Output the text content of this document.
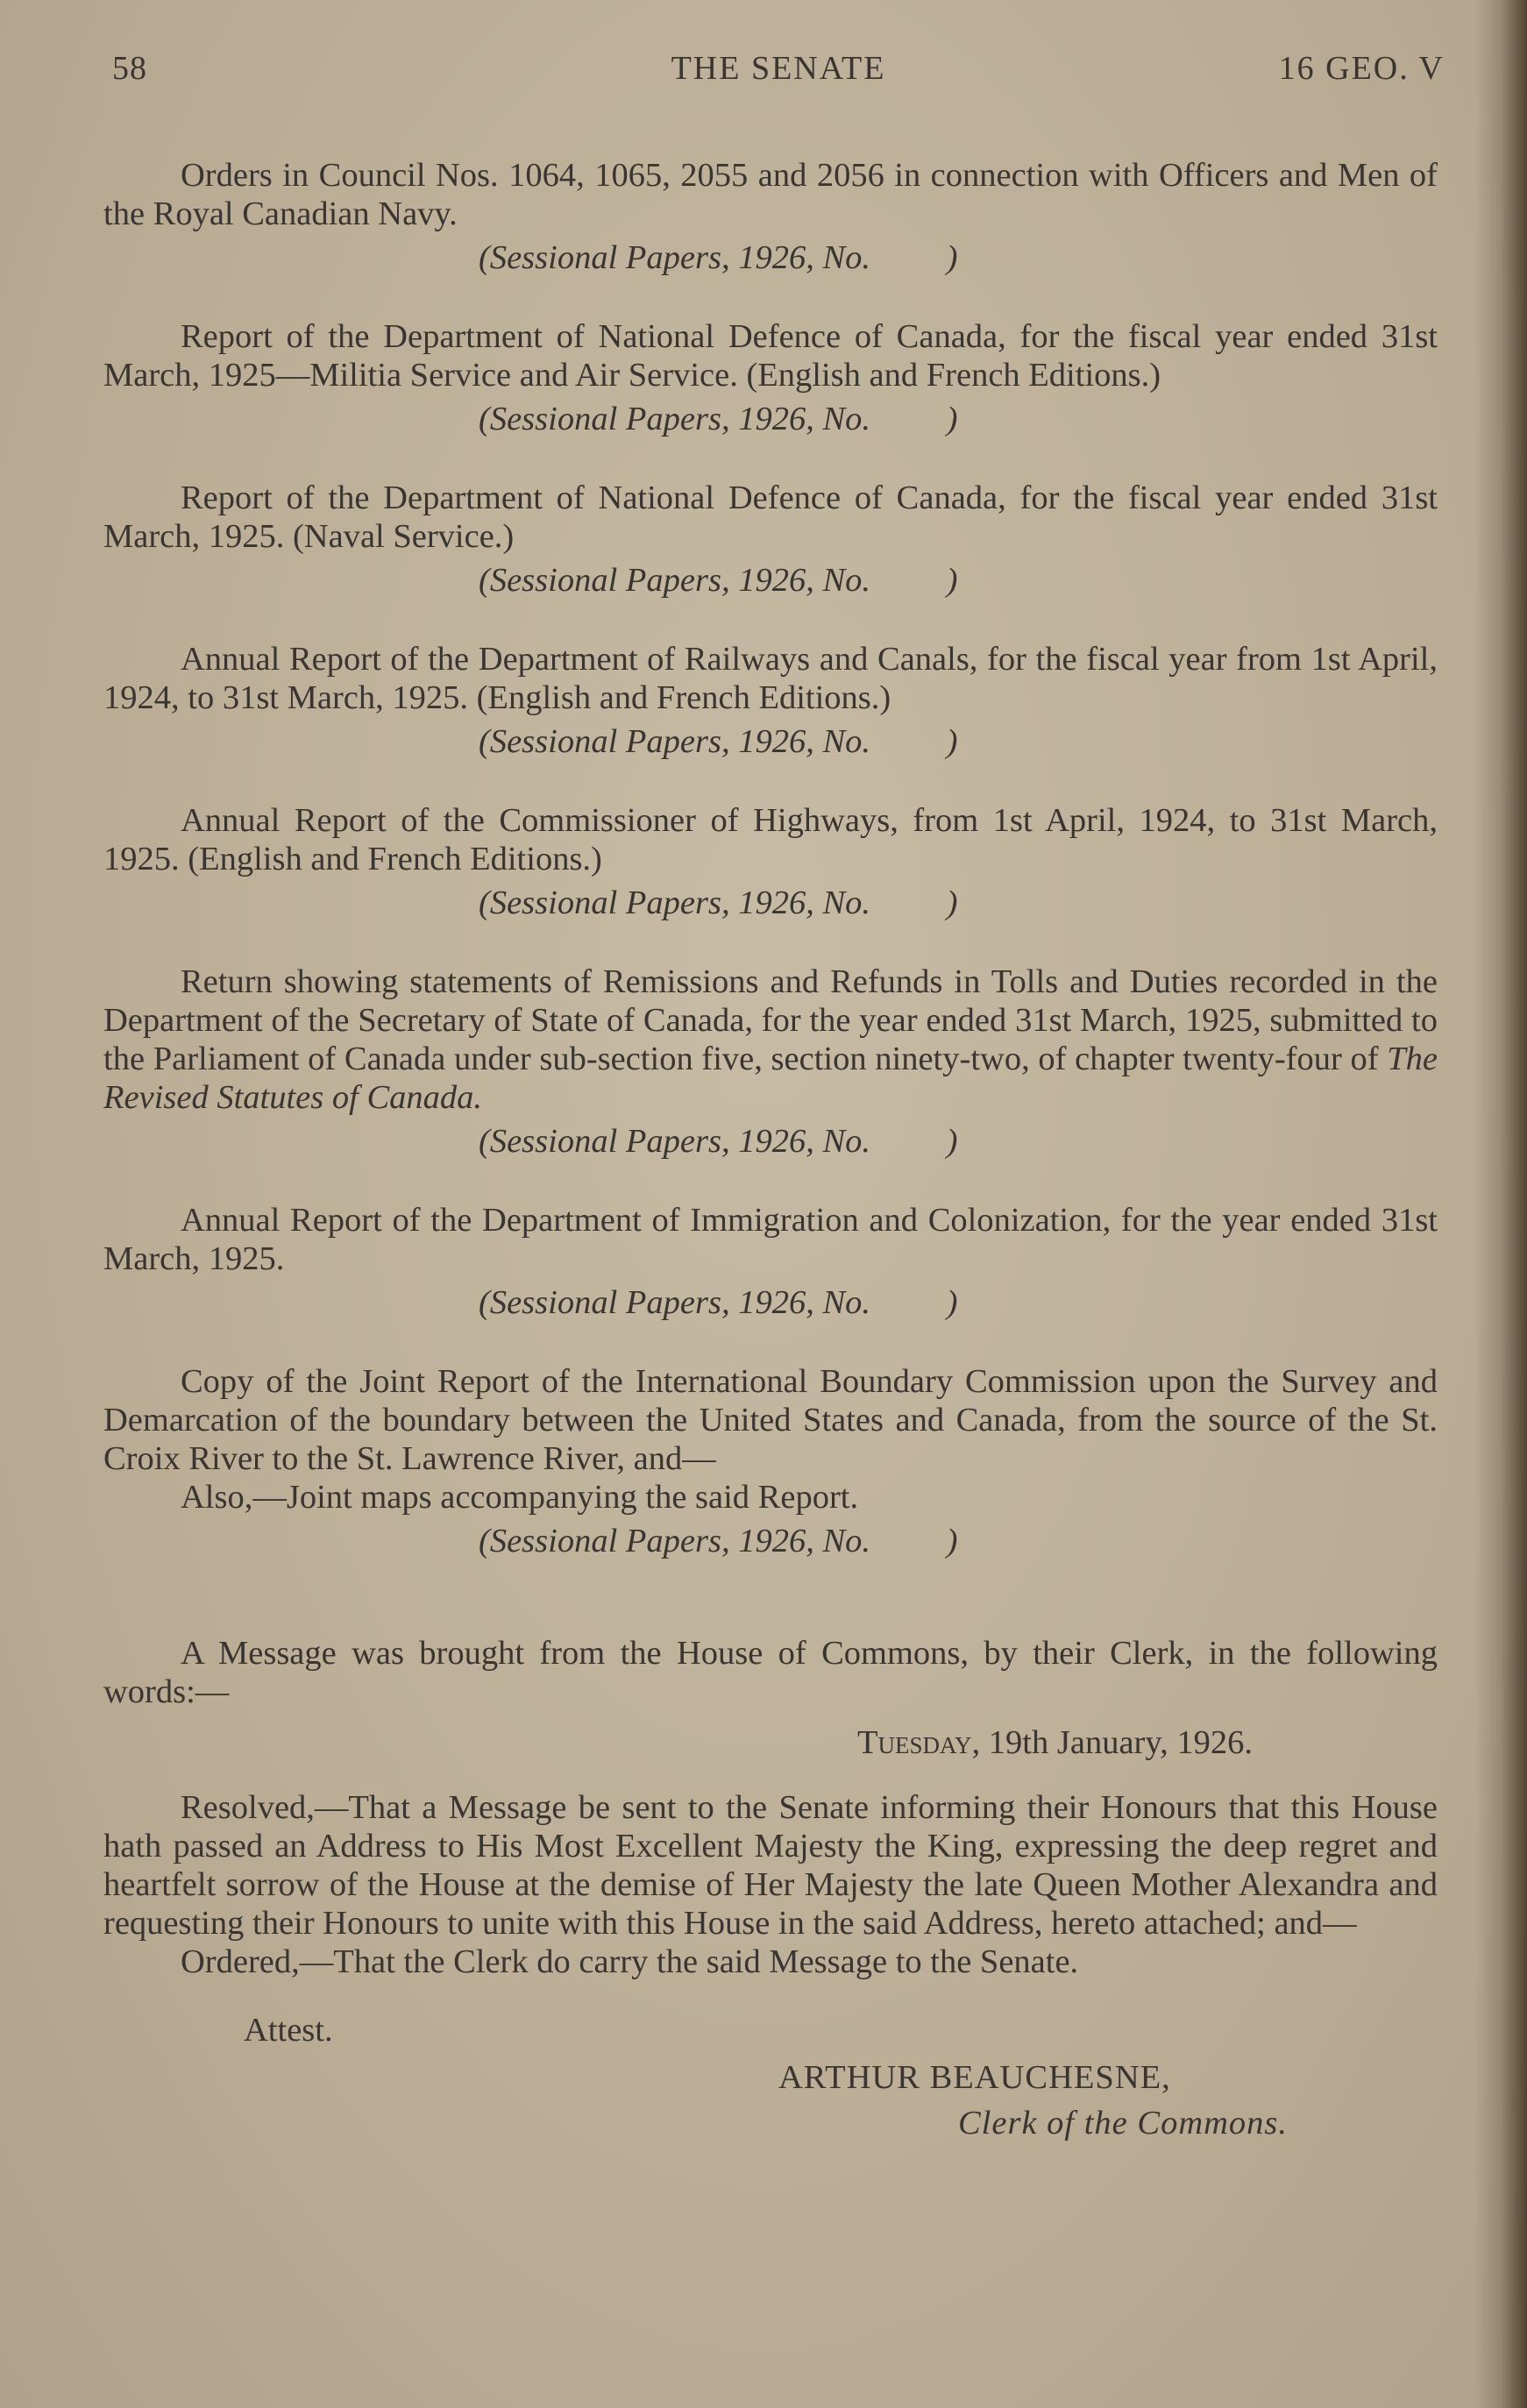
58	THE SENATE	16 GEO. V

Orders in Council Nos. 1064, 1065, 2055 and 2056 in connection with Officers and Men of the Royal Canadian Navy.

(Sessional Papers, 1926, No.         )

Report of the Department of National Defence of Canada, for the fiscal year ended 31st March, 1925—Militia Service and Air Service. (English and French Editions.)

(Sessional Papers, 1926, No.         )

Report of the Department of National Defence of Canada, for the fiscal year ended 31st March, 1925. (Naval Service.)

(Sessional Papers, 1926, No.         )

Annual Report of the Department of Railways and Canals, for the fiscal year from 1st April, 1924, to 31st March, 1925. (English and French Editions.)

(Sessional Papers, 1926, No.         )

Annual Report of the Commissioner of Highways, from 1st April, 1924, to 31st March, 1925. (English and French Editions.)

(Sessional Papers, 1926, No.         )

Return showing statements of Remissions and Refunds in Tolls and Duties recorded in the Department of the Secretary of State of Canada, for the year ended 31st March, 1925, submitted to the Parliament of Canada under sub-section five, section ninety-two, of chapter twenty-four of The Revised Statutes of Canada.

(Sessional Papers, 1926, No.         )

Annual Report of the Department of Immigration and Colonization, for the year ended 31st March, 1925.

(Sessional Papers, 1926, No.         )

Copy of the Joint Report of the International Boundary Commission upon the Survey and Demarcation of the boundary between the United States and Canada, from the source of the St. Croix River to the St. Lawrence River, and—

Also,—Joint maps accompanying the said Report.

(Sessional Papers, 1926, No.         )

A Message was brought from the House of Commons, by their Clerk, in the following words:—

Tuesday, 19th January, 1926.

Resolved,—That a Message be sent to the Senate informing their Honours that this House hath passed an Address to His Most Excellent Majesty the King, expressing the deep regret and heartfelt sorrow of the House at the demise of Her Majesty the late Queen Mother Alexandra and requesting their Honours to unite with this House in the said Address, hereto attached; and—

Ordered,—That the Clerk do carry the said Message to the Senate.

Attest.
ARTHUR BEAUCHESNE,
Clerk of the Commons.
